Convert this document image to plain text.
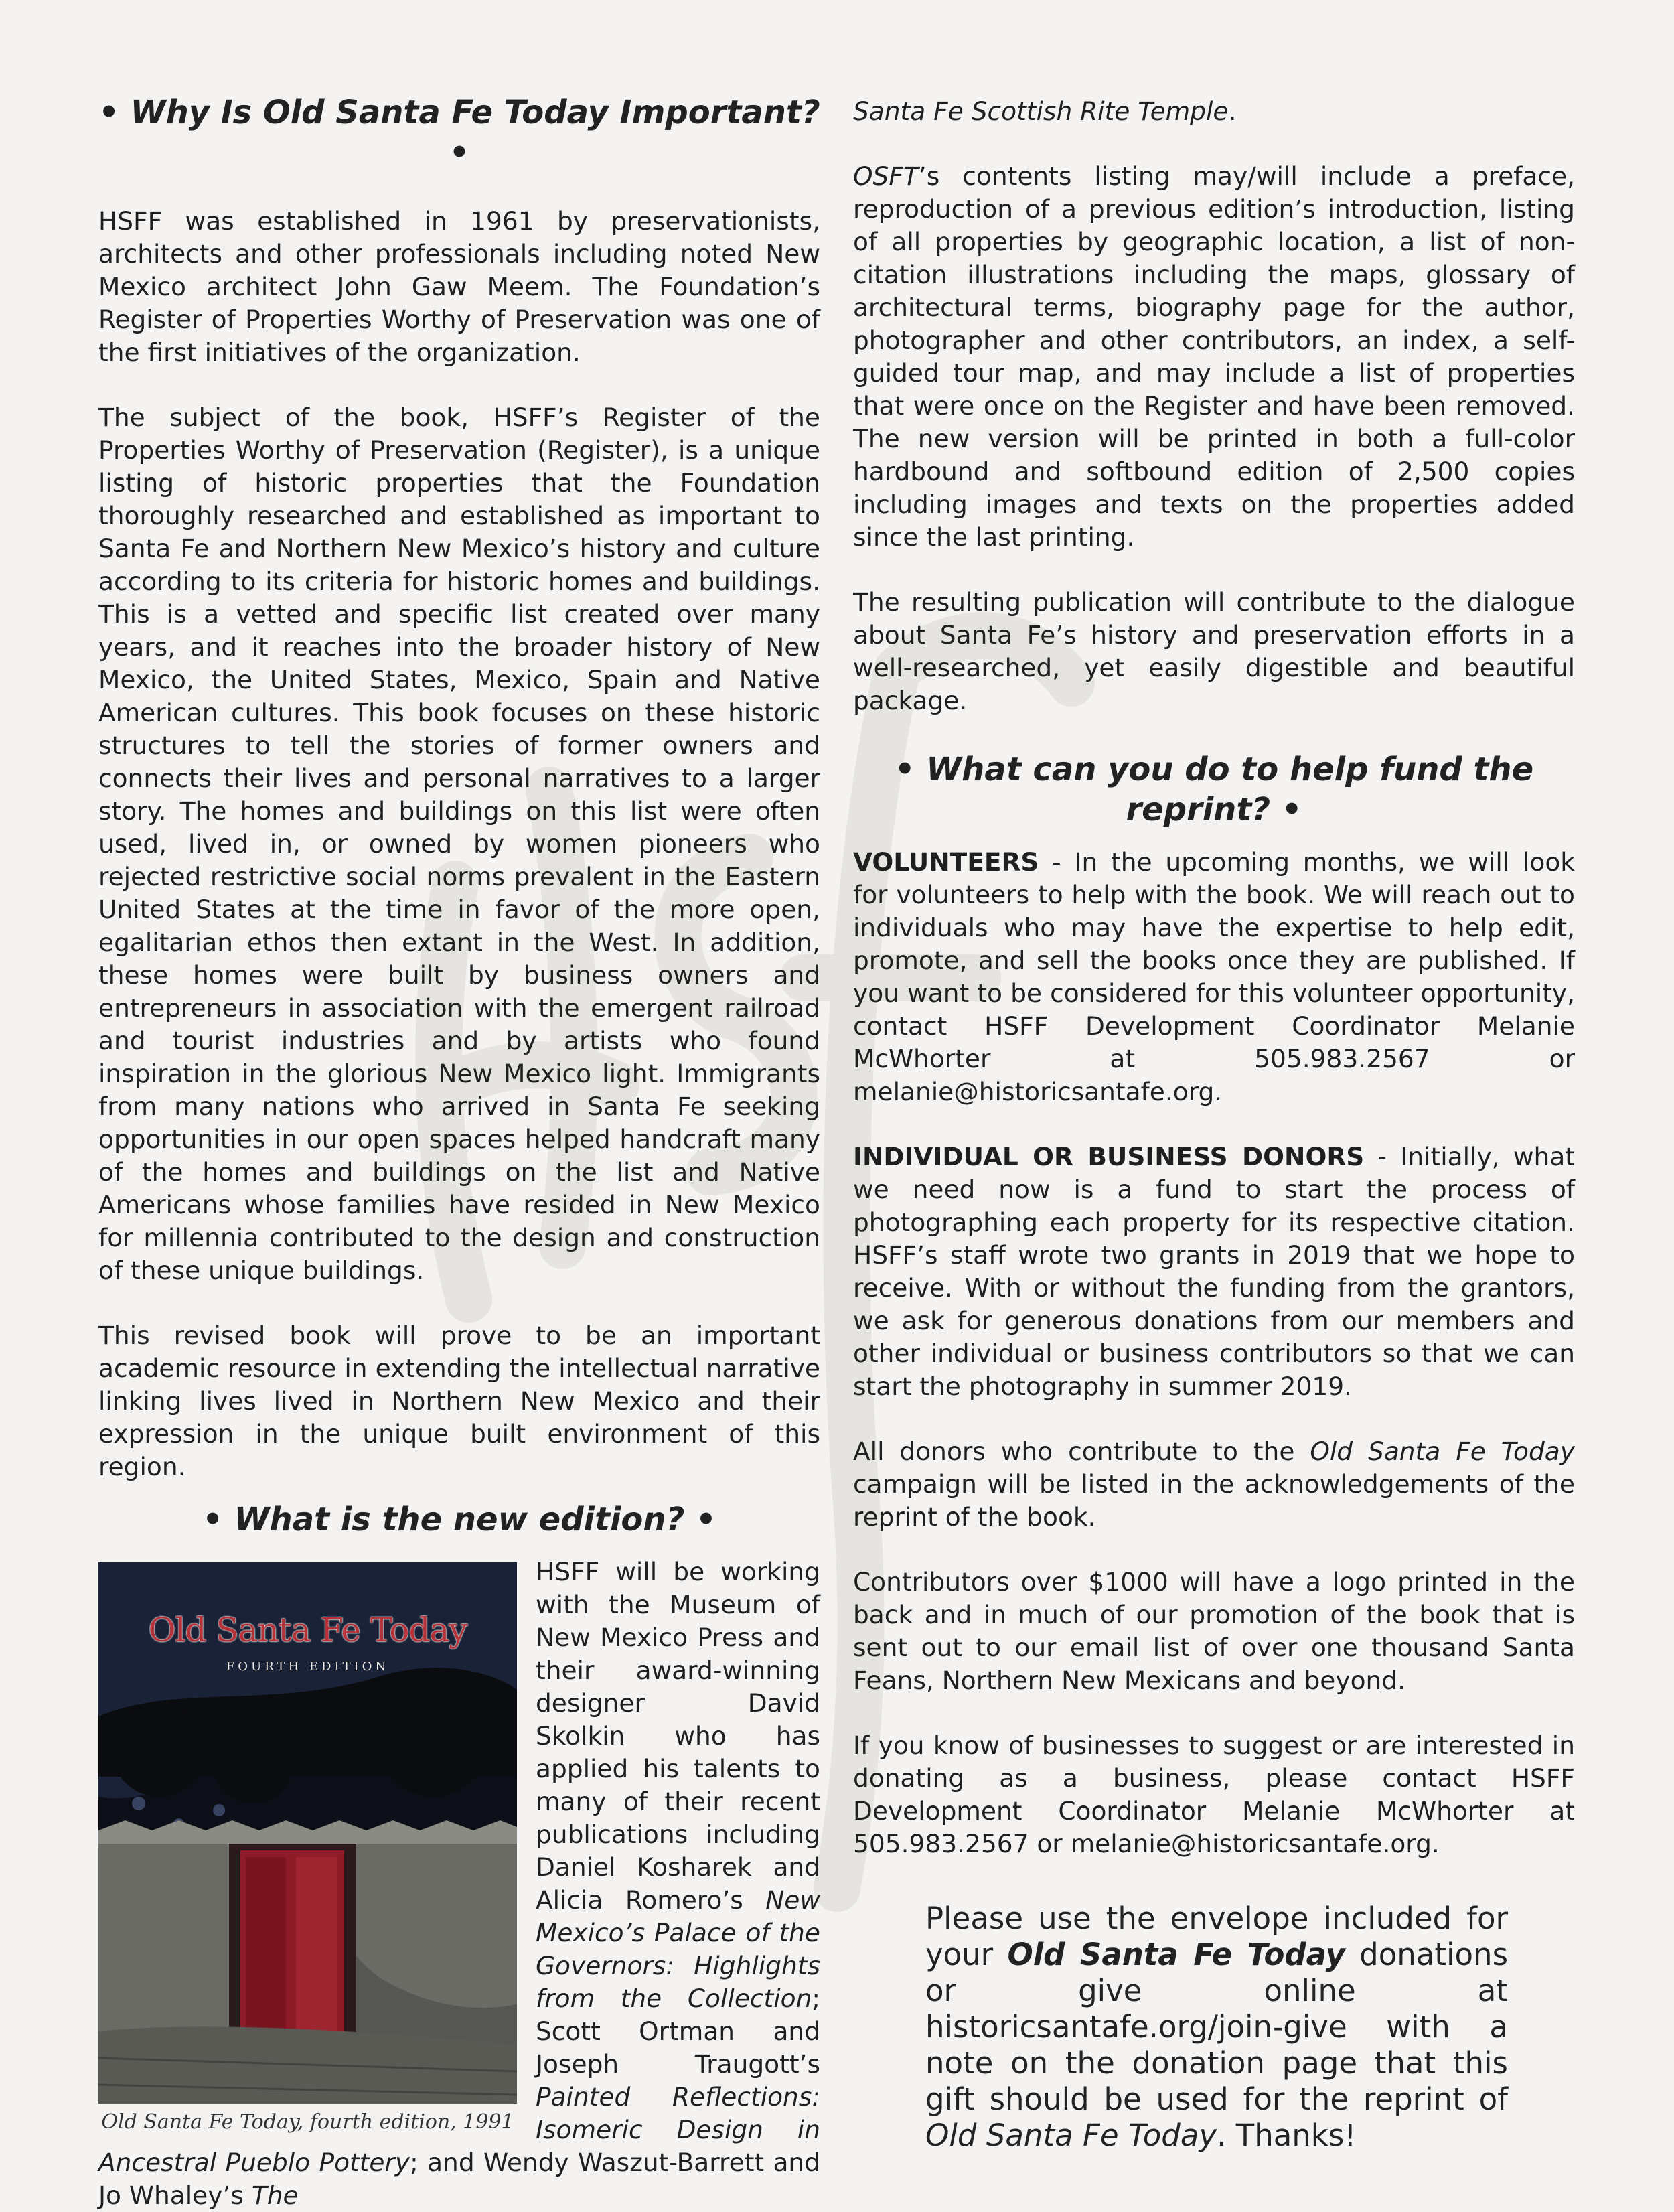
• Why Is Old Santa Fe Today Important? •

HSFF was established in 1961 by preservationists, architects and other professionals including noted New Mexico architect John Gaw Meem. The Foundation’s Register of Properties Worthy of Preservation was one of the first initiatives of the organization.

The subject of the book, HSFF’s Register of the Properties Worthy of Preservation (Register), is a unique listing of historic properties that the Foundation thoroughly researched and established as important to Santa Fe and Northern New Mexico’s history and culture according to its criteria for historic homes and buildings. This is a vetted and specific list created over many years, and it reaches into the broader history of New Mexico, the United States, Mexico, Spain and Native American cultures. This book focuses on these historic structures to tell the stories of former owners and connects their lives and personal narratives to a larger story. The homes and buildings on this list were often used, lived in, or owned by women pioneers who rejected restrictive social norms prevalent in the Eastern United States at the time in favor of the more open, egalitarian ethos then extant in the West. In addition, these homes were built by business owners and entrepreneurs in association with the emergent railroad and tourist industries and by artists who found inspiration in the glorious New Mexico light. Immigrants from many nations who arrived in Santa Fe seeking opportunities in our open spaces helped handcraft many of the homes and buildings on the list and Native Americans whose families have resided in New Mexico for millennia contributed to the design and construction of these unique buildings.

This revised book will prove to be an important academic resource in extending the intellectual narrative linking lives lived in Northern New Mexico and their expression in the unique built environment of this region.

• What is the new edition? •
Old Santa Fe Today
FOURTH EDITION
Old Santa Fe Today, fourth edition, 1991

HSFF will be working with the Museum of New Mexico Press and their award-winning designer David Skolkin who has applied his talents to many of their recent publications including Daniel Kosharek and Alicia Romero’s New Mexico’s Palace of the Governors: Highlights from the Collection; Scott Ortman and Joseph Traugott’s Painted Reflections: Isomeric Design in Ancestral Pueblo Pottery; and Wendy Waszut-Barrett and Jo Whaley’s The

Santa Fe Scottish Rite Temple.

OSFT’s contents listing may/will include a preface, reproduction of a previous edition’s introduction, listing of all properties by geographic location, a list of non-citation illustrations including the maps, glossary of architectural terms, biography page for the author, photographer and other contributors, an index, a self-guided tour map, and may include a list of properties that were once on the Register and have been removed. The new version will be printed in both a full-color hardbound and softbound edition of 2,500 copies including images and texts on the properties added since the last printing.

The resulting publication will contribute to the dialogue about Santa Fe’s history and preservation efforts in a well-researched, yet easily digestible and beautiful package.

• What can you do to help fund the reprint? •

VOLUNTEERS - In the upcoming months, we will look for volunteers to help with the book. We will reach out to individuals who may have the expertise to help edit, promote, and sell the books once they are published. If you want to be considered for this volunteer opportunity, contact HSFF Development Coordinator Melanie McWhorter at 505.983.2567 or melanie@historicsantafe.org.

INDIVIDUAL OR BUSINESS DONORS - Initially, what we need now is a fund to start the process of photographing each property for its respective citation. HSFF’s staff wrote two grants in 2019 that we hope to receive. With or without the funding from the grantors, we ask for generous donations from our members and other individual or business contributors so that we can start the photography in summer 2019.

All donors who contribute to the Old Santa Fe Today campaign will be listed in the acknowledgements of the reprint of the book.

Contributors over $1000 will have a logo printed in the back and in much of our promotion of the book that is sent out to our email list of over one thousand Santa Feans, Northern New Mexicans and beyond.

If you know of businesses to suggest or are interested in donating as a business, please contact HSFF Development Coordinator Melanie McWhorter at 505.983.2567 or melanie@historicsantafe.org.

Please use the envelope included for your Old Santa Fe Today donations or give online at historicsantafe.org/join-give with a note on the donation page that this gift should be used for the reprint of Old Santa Fe Today. Thanks!
